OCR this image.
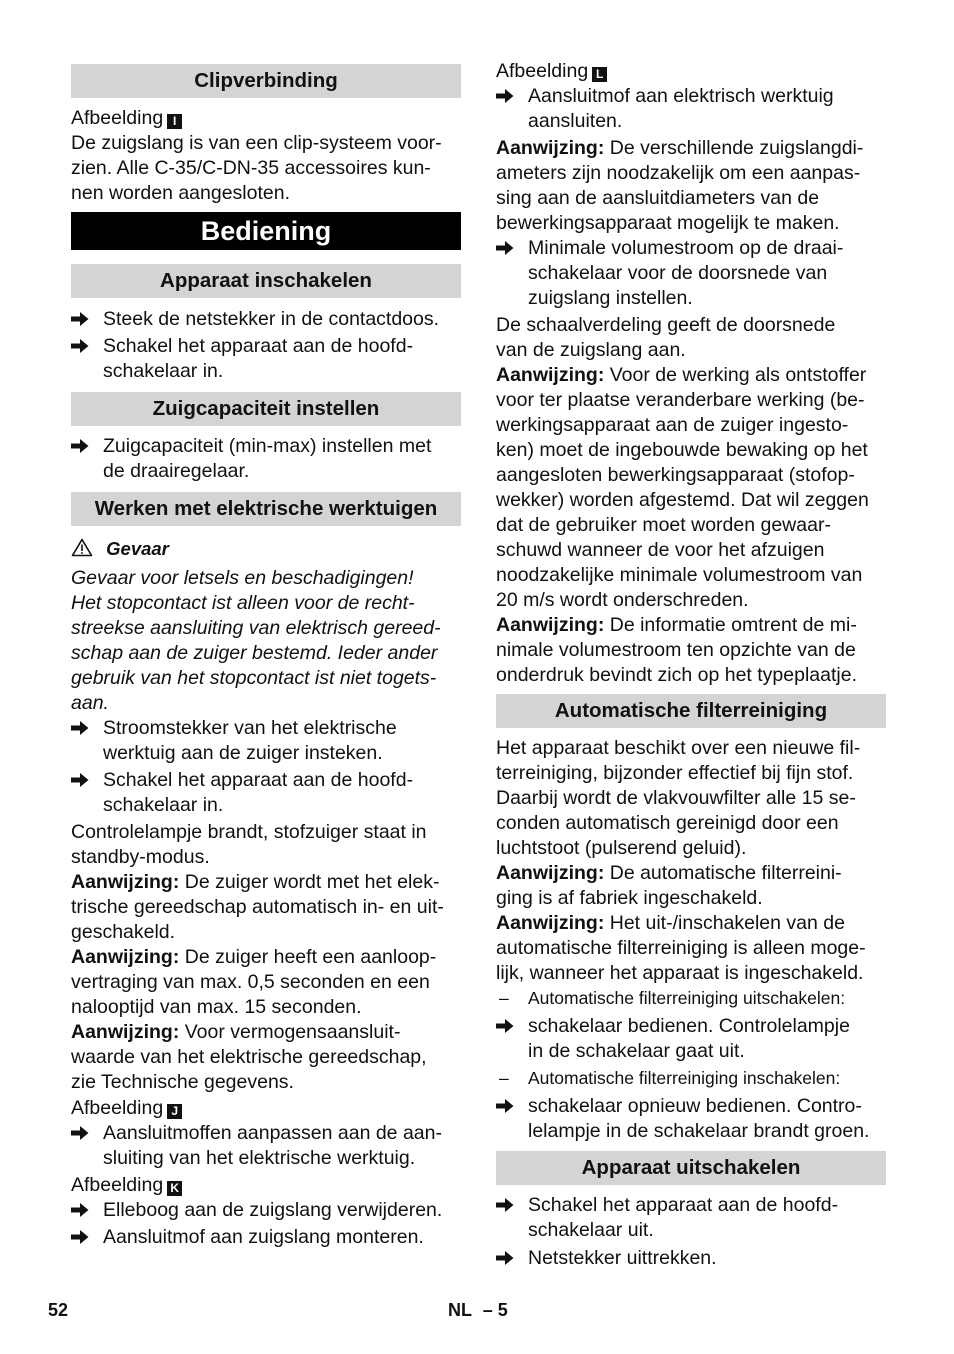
Clipverbinding
Afbeelding I
De zuigslang is van een clip-systeem voor-
zien. Alle C-35/C-DN-35 accessoires kun-
nen worden aangesloten.
Bediening
Apparaat inschakelen
Steek de netstekker in de contactdoos.
Schakel het apparaat aan de hoofd-
schakelaar in.
Zuigcapaciteit instellen
Zuigcapaciteit (min-max) instellen met
de draairegelaar.
Werken met elektrische werktuigen
Gevaar
Gevaar voor letsels en beschadigingen!
Het stopcontact ist alleen voor de recht-
streekse aansluiting van elektrisch gereed-
schap aan de zuiger bestemd. Ieder ander
gebruik van het stopcontact ist niet togets-
aan.
Stroomstekker van het elektrische
werktuig aan de zuiger insteken.
Schakel het apparaat aan de hoofd-
schakelaar in.
Controlelampje brandt, stofzuiger staat in
standby-modus.
Aanwijzing: De zuiger wordt met het elek-
trische gereedschap automatisch in- en uit-
geschakeld.
Aanwijzing: De zuiger heeft een aanloop-
vertraging van max. 0,5 seconden en een
nalooptijd van max. 15 seconden.
Aanwijzing: Voor vermogensaansluit-
waarde van het elektrische gereedschap,
zie Technische gegevens.
Afbeelding J
Aansluitmoffen aanpassen aan de aan-
sluiting van het elektrische werktuig.
Afbeelding K
Elleboog aan de zuigslang verwijderen.
Aansluitmof aan zuigslang monteren.
Afbeelding L
Aansluitmof aan elektrisch werktuig
aansluiten.
Aanwijzing: De verschillende zuigslangdi-
ameters zijn noodzakelijk om een aanpas-
sing aan de aansluitdiameters van de
bewerkingsapparaat mogelijk te maken.
Minimale volumestroom op de draai-
schakelaar voor de doorsnede van
zuigslang instellen.
De schaalverdeling geeft de doorsnede
van de zuigslang aan.
Aanwijzing: Voor de werking als ontstoffer
voor ter plaatse veranderbare werking (be-
werkingsapparaat aan de zuiger ingesto-
ken) moet de ingebouwde bewaking op het
aangesloten bewerkingsapparaat (stofop-
wekker) worden afgestemd. Dat wil zeggen
dat de gebruiker moet worden gewaar-
schuwd wanneer de voor het afzuigen
noodzakelijke minimale volumestroom van
20 m/s wordt onderschreden.
Aanwijzing: De informatie omtrent de mi-
nimale volumestroom ten opzichte van de
onderdruk bevindt zich op het typeplaatje.
Automatische filterreiniging
Het apparaat beschikt over een nieuwe fil-
terreiniging, bijzonder effectief bij fijn stof.
Daarbij wordt de vlakvouwfilter alle 15 se-
conden automatisch gereinigd door een
luchtstoot (pulserend geluid).
Aanwijzing: De automatische filterreini-
ging is af fabriek ingeschakeld.
Aanwijzing: Het uit-/inschakelen van de
automatische filterreiniging is alleen moge-
lijk, wanneer het apparaat is ingeschakeld.
– Automatische filterreiniging uitschakelen:
schakelaar bedienen. Controlelampje
in de schakelaar gaat uit.
– Automatische filterreiniging inschakelen:
schakelaar opnieuw bedienen. Contro-
lelampje in de schakelaar brandt groen.
Apparaat uitschakelen
Schakel het apparaat aan de hoofd-
schakelaar uit.
Netstekker uittrekken.
52	NL – 5
